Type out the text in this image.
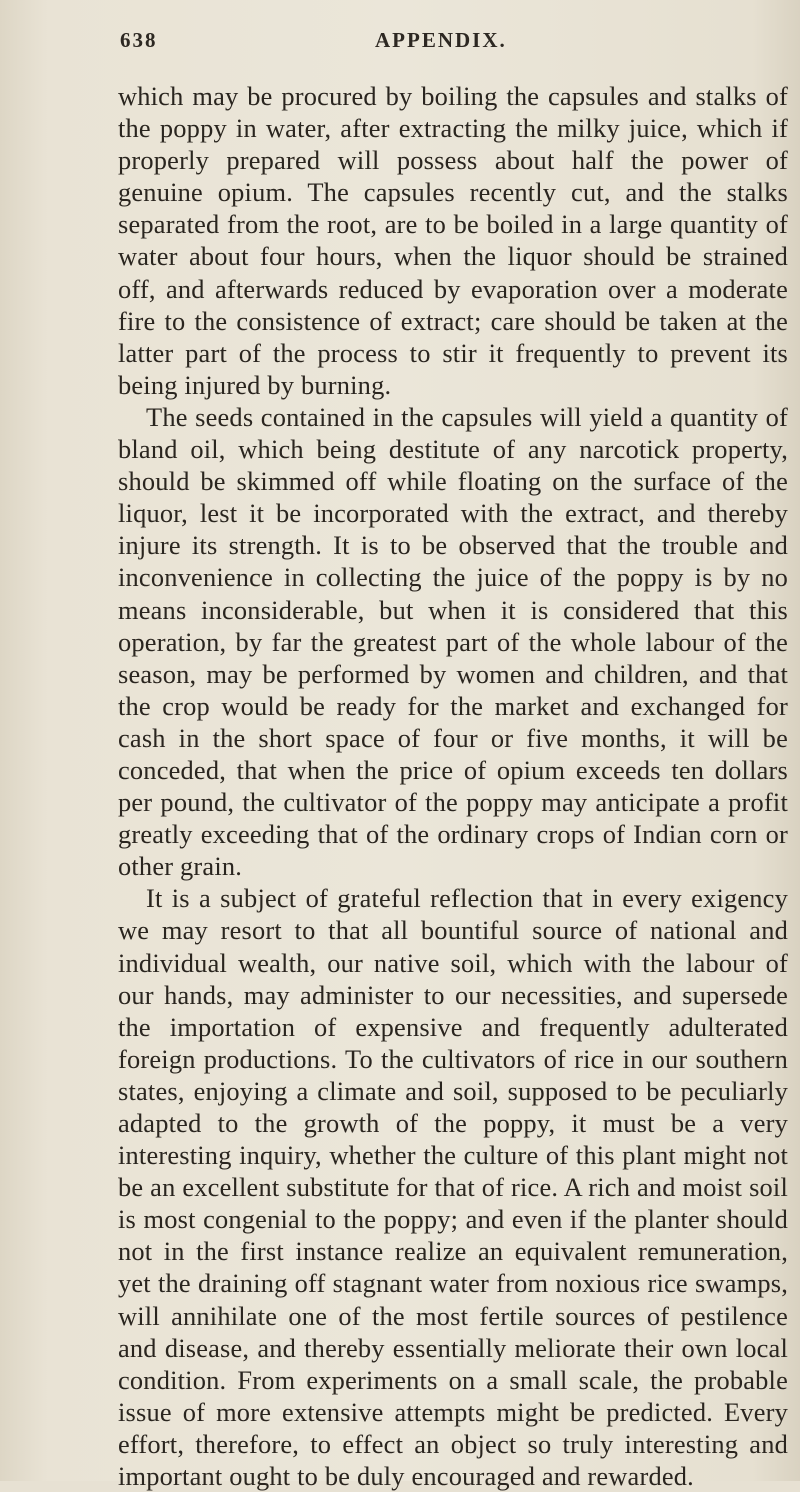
638	APPENDIX.

which may be procured by boiling the capsules and stalks of the poppy in water, after extracting the milky juice, which if properly prepared will possess about half the power of genuine opium. The capsules recently cut, and the stalks separated from the root, are to be boiled in a large quantity of water about four hours, when the liquor should be strained off, and afterwards reduced by evaporation over a moderate fire to the consistence of extract; care should be taken at the latter part of the process to stir it frequently to prevent its being injured by burning.

The seeds contained in the capsules will yield a quantity of bland oil, which being destitute of any narcotick property, should be skimmed off while floating on the surface of the liquor, lest it be incorporated with the extract, and thereby injure its strength. It is to be observed that the trouble and inconvenience in collecting the juice of the poppy is by no means inconsiderable, but when it is considered that this operation, by far the greatest part of the whole labour of the season, may be performed by women and children, and that the crop would be ready for the market and exchanged for cash in the short space of four or five months, it will be conceded, that when the price of opium exceeds ten dollars per pound, the cultivator of the poppy may anticipate a profit greatly exceeding that of the ordinary crops of Indian corn or other grain.

It is a subject of grateful reflection that in every exigency we may resort to that all bountiful source of national and individual wealth, our native soil, which with the labour of our hands, may administer to our necessities, and supersede the importation of expensive and frequently adulterated foreign productions. To the cultivators of rice in our southern states, enjoying a climate and soil, supposed to be peculiarly adapted to the growth of the poppy, it must be a very interesting inquiry, whether the culture of this plant might not be an excellent substitute for that of rice. A rich and moist soil is most congenial to the poppy; and even if the planter should not in the first instance realize an equivalent remuneration, yet the draining off stagnant water from noxious rice swamps, will annihilate one of the most fertile sources of pestilence and disease, and thereby essentially meliorate their own local condition. From experiments on a small scale, the probable issue of more extensive attempts might be predicted. Every effort, therefore, to effect an object so truly interesting and important ought to be duly encouraged and rewarded.
